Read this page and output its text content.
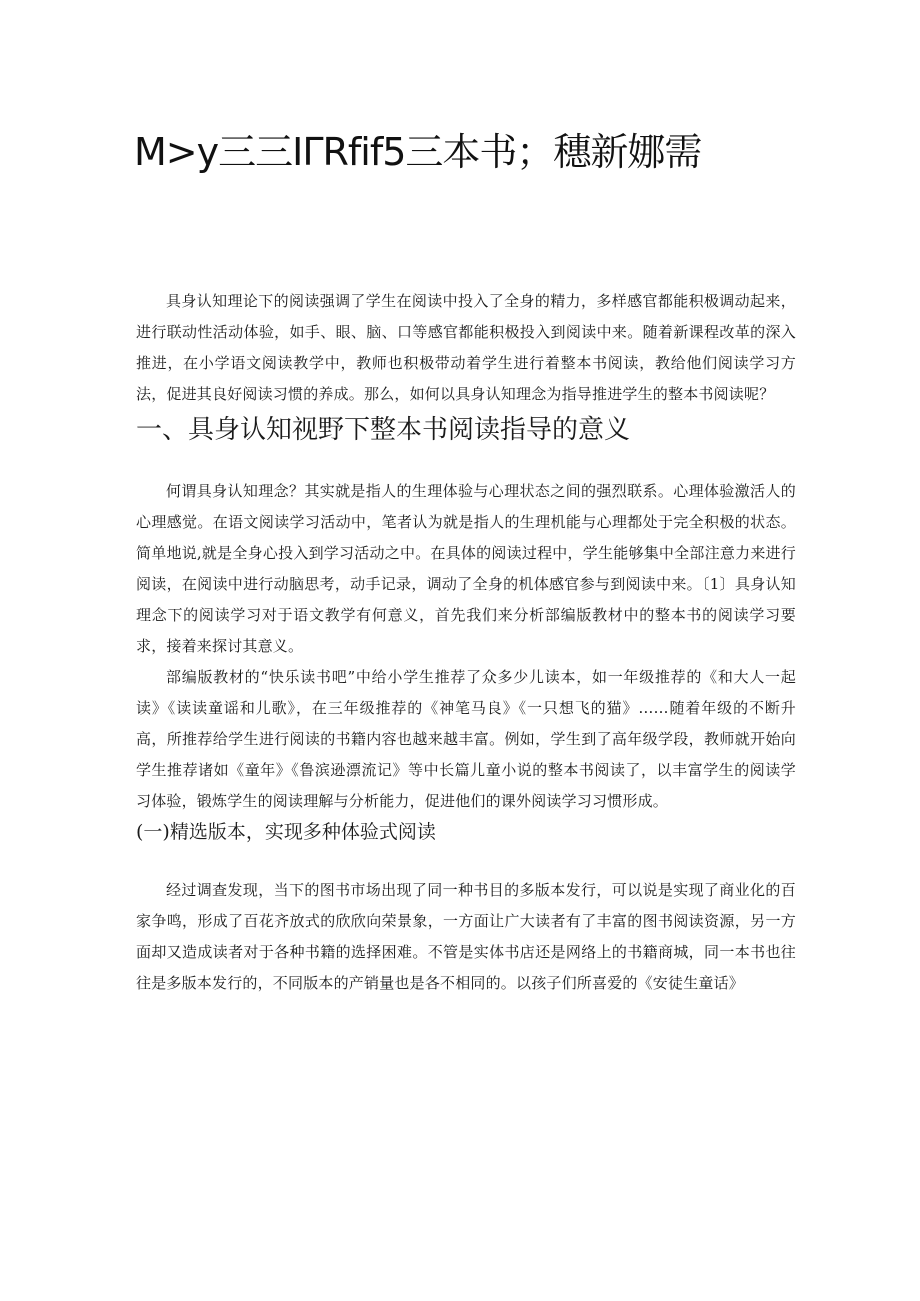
M>y三三ΙΓRfif5三本书；穗新娜需

具身认知理论下的阅读强调了学生在阅读中投入了全身的精力，多样感官都能积极调动起来，进行联动性活动体验，如手、眼、脑、口等感官都能积极投入到阅读中来。随着新课程改革的深入推进，在小学语文阅读教学中，教师也积极带动着学生进行着整本书阅读，教给他们阅读学习方法，促进其良好阅读习惯的养成。那么，如何以具身认知理念为指导推进学生的整本书阅读呢？

一、具身认知视野下整本书阅读指导的意义

何谓具身认知理念？其实就是指人的生理体验与心理状态之间的强烈联系。心理体验激活人的心理感觉。在语文阅读学习活动中，笔者认为就是指人的生理机能与心理都处于完全积极的状态。简单地说,就是全身心投入到学习活动之中。在具体的阅读过程中，学生能够集中全部注意力来进行阅读，在阅读中进行动脑思考，动手记录，调动了全身的机体感官参与到阅读中来。〔1〕具身认知理念下的阅读学习对于语文教学有何意义，首先我们来分析部编版教材中的整本书的阅读学习要求，接着来探讨其意义。

部编版教材的“快乐读书吧”中给小学生推荐了众多少儿读本，如一年级推荐的《和大人一起读》《读读童谣和儿歌》，在三年级推荐的《神笔马良》《一只想飞的猫》……随着年级的不断升高，所推荐给学生进行阅读的书籍内容也越来越丰富。例如，学生到了高年级学段，教师就开始向学生推荐诸如《童年》《鲁滨逊漂流记》等中长篇儿童小说的整本书阅读了，以丰富学生的阅读学习体验，锻炼学生的阅读理解与分析能力，促进他们的课外阅读学习习惯形成。

(一)精选版本，实现多种体验式阅读

经过调查发现，当下的图书市场出现了同一种书目的多版本发行，可以说是实现了商业化的百家争鸣，形成了百花齐放式的欣欣向荣景象，一方面让广大读者有了丰富的图书阅读资源，另一方面却又造成读者对于各种书籍的选择困难。不管是实体书店还是网络上的书籍商城，同一本书也往往是多版本发行的，不同版本的产销量也是各不相同的。以孩子们所喜爱的《安徒生童话》
